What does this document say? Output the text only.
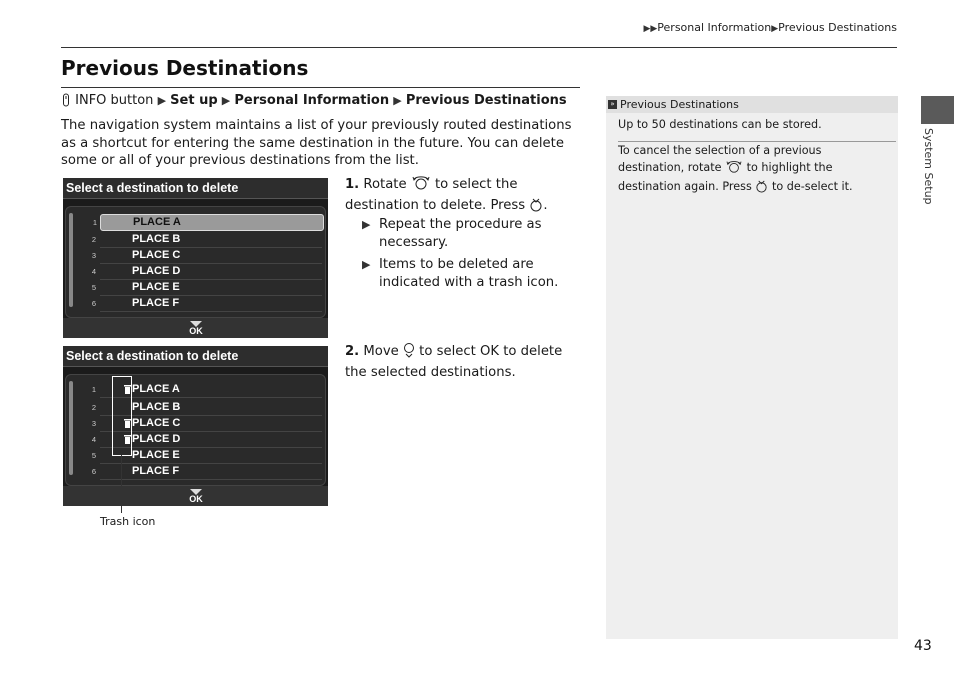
▶▶Personal Information▶Previous Destinations
Previous Destinations
INFO button ▶ Set up ▶ Personal Information ▶ Previous Destinations
The navigation system maintains a list of your previously routed destinations as a shortcut for entering the same destination in the future. You can delete some or all of your previous destinations from the list.
Select a destination to delete
1	PLACE A
2	PLACE B
3	PLACE C
4	PLACE D
5	PLACE E
6	PLACE F
OK
Select a destination to delete
1	PLACE A
2	PLACE B
3	PLACE C
4	PLACE D
5	PLACE E
6	PLACE F
OK
Trash icon
1. Rotate to select the destination to delete. Press .
▶ Repeat the procedure as necessary.
▶ Items to be deleted are indicated with a trash icon.
2. Move to select OK to delete the selected destinations.
» Previous Destinations

Up to 50 destinations can be stored.

To cancel the selection of a previous destination, rotate to highlight the destination again. Press to de-select it.	System Setup
43
